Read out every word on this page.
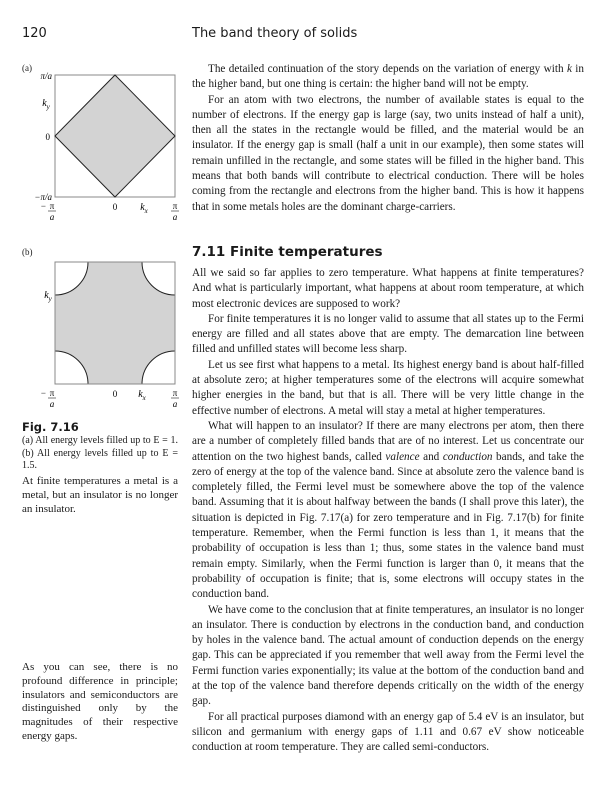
120	The band theory of solids
(a)
π/a
$k_y$
0
−π/a
− π
a
0 $k_x$	π
a
(b)
$k_y$
− π
a
0 $k_x$	π
a
Fig. 7.16
(a) All energy levels filled up to E = 1. (b) All energy levels filled up to E = 1.5.
At finite temperatures a metal is a metal, but an insulator is no longer an insulator.
As you can see, there is no profound difference in principle; insulators and semiconductors are distinguished only by the magnitudes of their respective energy gaps.

The detailed continuation of the story depends on the variation of energy with k in the higher band, but one thing is certain: the higher band will not be empty.

For an atom with two electrons, the number of available states is equal to the number of electrons. If the energy gap is large (say, two units instead of half a unit), then all the states in the rectangle would be filled, and the material would be an insulator. If the energy gap is small (half a unit in our example), then some states will remain unfilled in the rectangle, and some states will be filled in the higher band. This means that both bands will contribute to electrical conduction. There will be holes coming from the rectangle and electrons from the higher band. This is how it happens that in some metals holes are the dominant charge-carriers.

7.11 Finite temperatures

All we said so far applies to zero temperature. What happens at finite temperatures? And what is particularly important, what happens at about room temperature, at which most electronic devices are supposed to work?

For finite temperatures it is no longer valid to assume that all states up to the Fermi energy are filled and all states above that are empty. The demarcation line between filled and unfilled states will become less sharp.

Let us see first what happens to a metal. Its highest energy band is about half-filled at absolute zero; at higher temperatures some of the electrons will acquire somewhat higher energies in the band, but that is all. There will be very little change in the effective number of electrons. A metal will stay a metal at higher temperatures.

What will happen to an insulator? If there are many electrons per atom, then there are a number of completely filled bands that are of no interest. Let us concentrate our attention on the two highest bands, called valence and conduction bands, and take the zero of energy at the top of the valence band. Since at absolute zero the valence band is completely filled, the Fermi level must be somewhere above the top of the valence band. Assuming that it is about halfway between the bands (I shall prove this later), the situation is depicted in Fig. 7.17(a) for zero temperature and in Fig. 7.17(b) for finite temperature. Remember, when the Fermi function is less than 1, it means that the probability of occupation is less than 1; thus, some states in the valence band must remain empty. Similarly, when the Fermi function is larger than 0, it means that the probability of occupation is finite; that is, some electrons will occupy states in the conduction band.

We have come to the conclusion that at finite temperatures, an insulator is no longer an insulator. There is conduction by electrons in the conduction band, and conduction by holes in the valence band. The actual amount of conduction depends on the energy gap. This can be appreciated if you remember that well away from the Fermi level the Fermi function varies exponentially; its value at the bottom of the conduction band and at the top of the valence band therefore depends critically on the width of the energy gap.

For all practical purposes diamond with an energy gap of 5.4 eV is an insulator, but silicon and germanium with energy gaps of 1.11 and 0.67 eV show noticeable conduction at room temperature. They are called semi-conductors.
